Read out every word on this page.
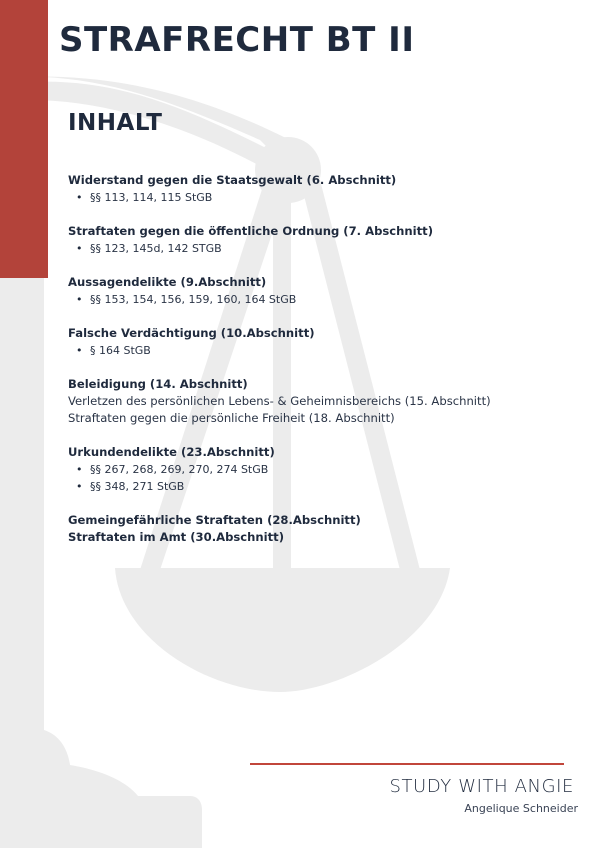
STRAFRECHT BT II
INHALT
Widerstand gegen die Staatsgewalt (6. Abschnitt)
• §§ 113, 114, 115 StGB
Straftaten gegen die öffentliche Ordnung (7. Abschnitt)
• §§ 123, 145d, 142 STGB
Aussagendelikte (9.Abschnitt)
• §§ 153, 154, 156, 159, 160, 164 StGB
Falsche Verdächtigung (10.Abschnitt)
• § 164 StGB
Beleidigung (14. Abschnitt)
Verletzen des persönlichen Lebens- & Geheimnisbereichs (15. Abschnitt)
Straftaten gegen die persönliche Freiheit (18. Abschnitt)
Urkundendelikte (23.Abschnitt)
• §§ 267, 268, 269, 270, 274 StGB
• §§ 348, 271 StGB
Gemeingefährliche Straftaten (28.Abschnitt)
Straftaten im Amt (30.Abschnitt)
STUDY WITH ANGIE
Angelique Schneider
